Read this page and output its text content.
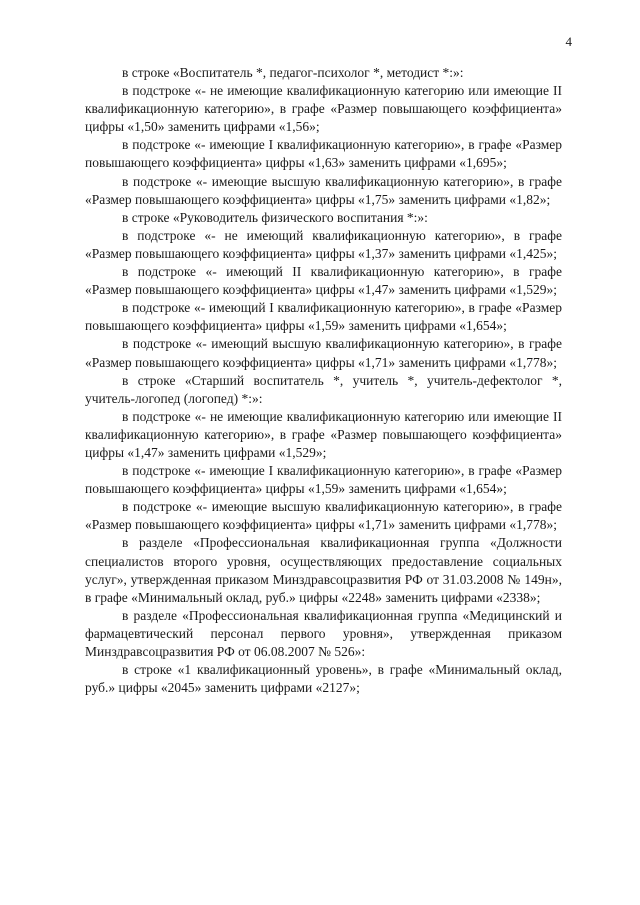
4

в строке «Воспитатель *, педагог-психолог *, методист *:»:

в подстроке «- не имеющие квалификационную категорию или имеющие II квалификационную категорию», в графе «Размер повышающего коэффициента» цифры «1,50» заменить цифрами «1,56»;

в подстроке «- имеющие I квалификационную категорию», в графе «Размер повышающего коэффициента» цифры «1,63» заменить цифрами «1,695»;

в подстроке «- имеющие высшую квалификационную категорию», в графе «Размер повышающего коэффициента» цифры «1,75» заменить цифрами «1,82»;

в строке «Руководитель физического воспитания *:»:

в подстроке «- не имеющий квалификационную категорию», в графе «Размер повышающего коэффициента» цифры «1,37» заменить цифрами «1,425»;

в подстроке «- имеющий II квалификационную категорию», в графе «Размер повышающего коэффициента» цифры «1,47» заменить цифрами «1,529»;

в подстроке «- имеющий I квалификационную категорию», в графе «Размер повышающего коэффициента» цифры «1,59» заменить цифрами «1,654»;

в подстроке «- имеющий высшую квалификационную категорию», в графе «Размер повышающего коэффициента» цифры «1,71» заменить цифрами «1,778»;

в строке «Старший воспитатель *, учитель *, учитель-дефектолог *, учитель-логопед (логопед) *:»:

в подстроке «- не имеющие квалификационную категорию или имеющие II квалификационную категорию», в графе «Размер повышающего коэффициента» цифры «1,47» заменить цифрами «1,529»;

в подстроке «- имеющие I квалификационную категорию», в графе «Размер повышающего коэффициента» цифры «1,59» заменить цифрами «1,654»;

в подстроке «- имеющие высшую квалификационную категорию», в графе «Размер повышающего коэффициента» цифры «1,71» заменить цифрами «1,778»;

в разделе «Профессиональная квалификационная группа «Должности специалистов второго уровня, осуществляющих предоставление социальных услуг», утвержденная приказом Минздравсоцразвития РФ от 31.03.2008 № 149н», в графе «Минимальный оклад, руб.» цифры «2248» заменить цифрами «2338»;

в разделе «Профессиональная квалификационная группа «Медицинский и фармацевтический персонал первого уровня», утвержденная приказом Минздравсоцразвития РФ от 06.08.2007 № 526»:

в строке «1 квалификационный уровень», в графе «Минимальный оклад, руб.» цифры «2045» заменить цифрами «2127»;
